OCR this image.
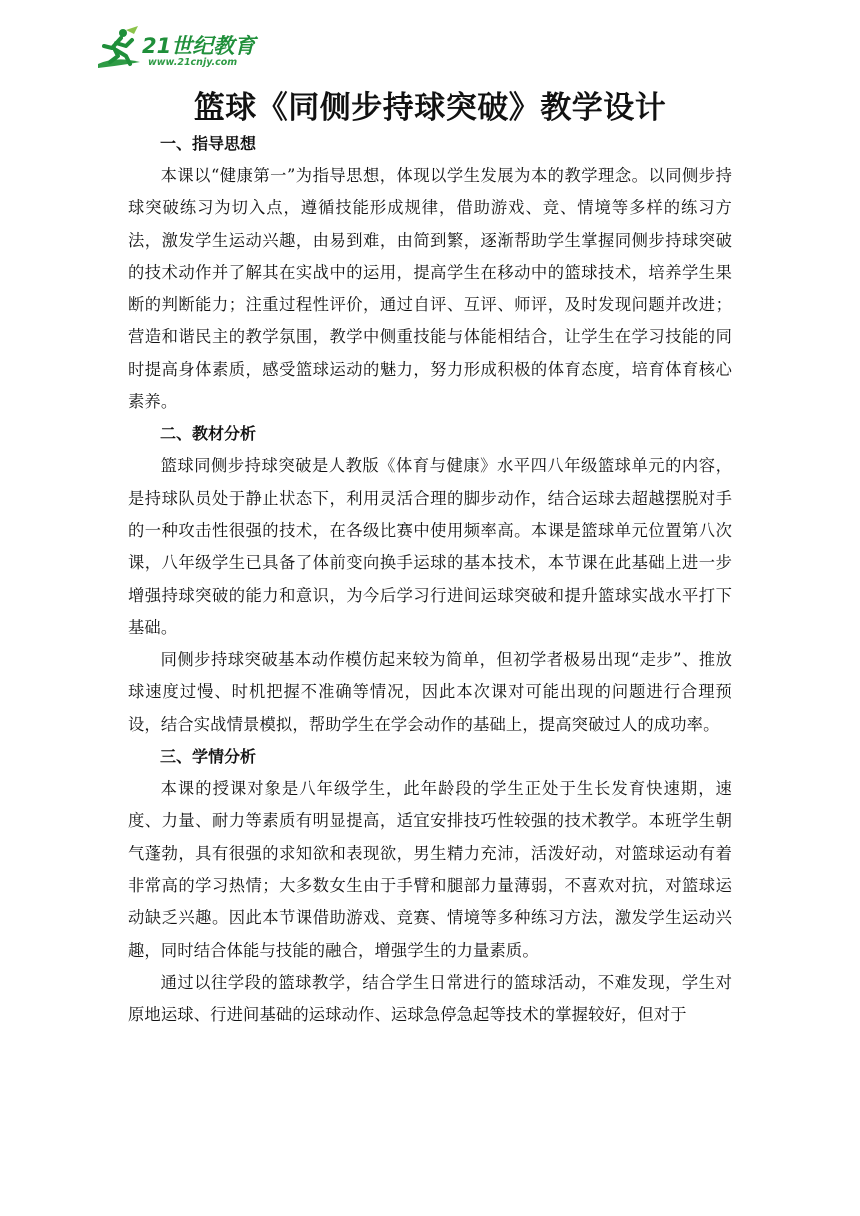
21世纪教育
www.21cnjy.com
篮球《同侧步持球突破》教学设计
一、指导思想

本课以“健康第一”为指导思想，体现以学生发展为本的教学理念。以同侧步持球突破练习为切入点，遵循技能形成规律，借助游戏、竞、情境等多样的练习方法，激发学生运动兴趣，由易到难，由简到繁，逐渐帮助学生掌握同侧步持球突破的技术动作并了解其在实战中的运用，提高学生在移动中的篮球技术，培养学生果断的判断能力；注重过程性评价，通过自评、互评、师评，及时发现问题并改进；营造和谐民主的教学氛围，教学中侧重技能与体能相结合，让学生在学习技能的同时提高身体素质，感受篮球运动的魅力，努力形成积极的体育态度，培育体育核心素养。

二、教材分析

篮球同侧步持球突破是人教版《体育与健康》水平四八年级篮球单元的内容，是持球队员处于静止状态下，利用灵活合理的脚步动作，结合运球去超越摆脱对手的一种攻击性很强的技术，在各级比赛中使用频率高。本课是篮球单元位置第八次课，八年级学生已具备了体前变向换手运球的基本技术，本节课在此基础上进一步增强持球突破的能力和意识，为今后学习行进间运球突破和提升篮球实战水平打下基础。

同侧步持球突破基本动作模仿起来较为简单，但初学者极易出现“走步”、推放球速度过慢、时机把握不准确等情况，因此本次课对可能出现的问题进行合理预设，结合实战情景模拟，帮助学生在学会动作的基础上，提高突破过人的成功率。

三、学情分析

本课的授课对象是八年级学生，此年龄段的学生正处于生长发育快速期，速度、力量、耐力等素质有明显提高，适宜安排技巧性较强的技术教学。本班学生朝气蓬勃，具有很强的求知欲和表现欲，男生精力充沛，活泼好动，对篮球运动有着非常高的学习热情；大多数女生由于手臂和腿部力量薄弱，不喜欢对抗，对篮球运动缺乏兴趣。因此本节课借助游戏、竞赛、情境等多种练习方法，激发学生运动兴趣，同时结合体能与技能的融合，增强学生的力量素质。

通过以往学段的篮球教学，结合学生日常进行的篮球活动，不难发现，学生对原地运球、行进间基础的运球动作、运球急停急起等技术的掌握较好，但对于
